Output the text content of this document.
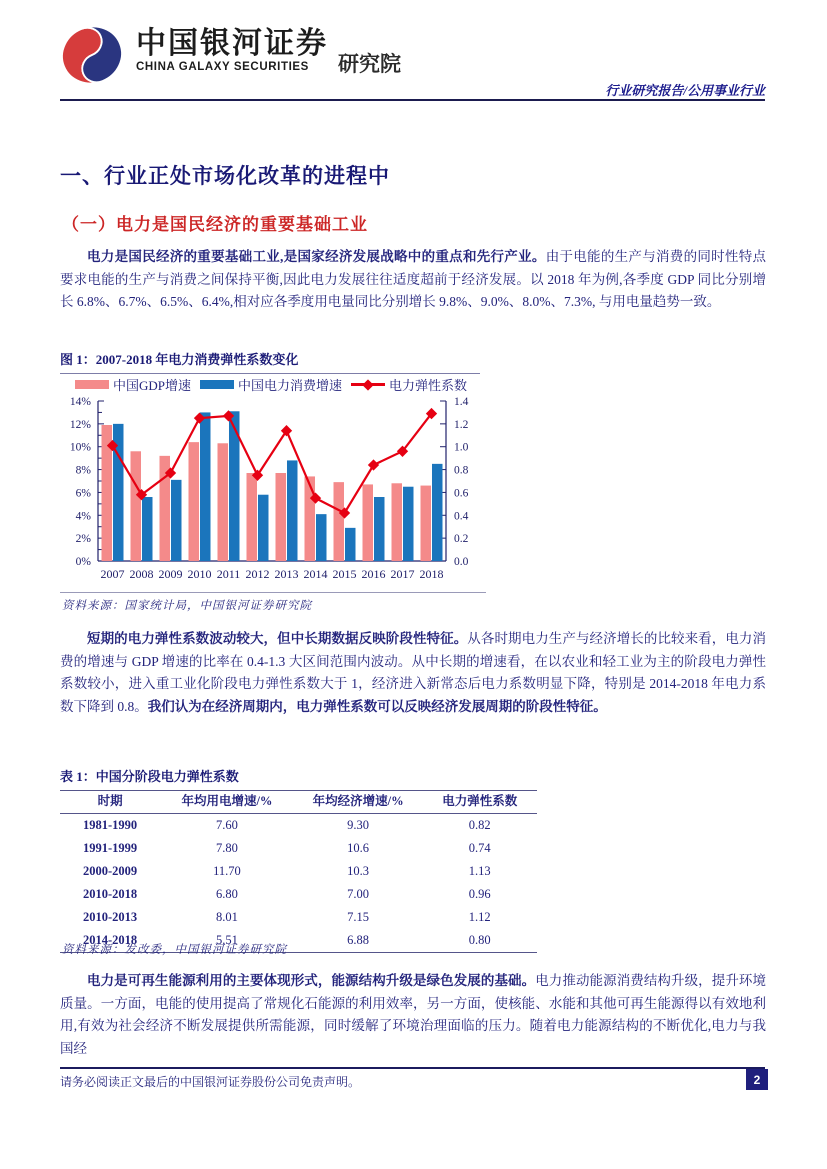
中国银河证券
CHINA GALAXY SECURITIES	研究院
行业研究报告/公用事业行业
一、行业正处市场化改革的进程中
（一）电力是国民经济的重要基础工业

电力是国民经济的重要基础工业,是国家经济发展战略中的重点和先行产业。由于电能的生产与消费的同时性特点 要求电能的生产与消费之间保持平衡,因此电力发展往往适度超前于经济发展。以 2018 年为例,各季度 GDP 同比分别增长 6.8%、6.7%、6.5%、6.4%,相对应各季度用电量同比分别增长 9.8%、9.0%、8.0%、7.3%, 与用电量趋势一致。

图 1：2007-2018 年电力消费弹性系数变化
中国GDP增速	中国电力消费增速	电力弹性系数
0%
2%
4%
6%
8%
10%
12%
14%
0.0
0.2
0.4
0.6
0.8
1.0
1.2
1.4
2007 2008 2009 2010 2011 2012 2013 2014 2015 2016 2017 2018
资料来源：国家统计局，中国银河证券研究院

短期的电力弹性系数波动较大，但中长期数据反映阶段性特征。从各时期电力生产与经济增长的比较来看，电力消费的增速与 GDP 增速的比率在 0.4-1.3 大区间范围内波动。从中长期的增速看，在以农业和轻工业为主的阶段电力弹性系数较小，进入重工业化阶段电力弹性系数大于 1，经济进入新常态后电力系数明显下降，特别是 2014-2018 年电力系数下降到 0.8。我们认为在经济周期内，电力弹性系数可以反映经济发展周期的阶段性特征。

表 1：中国分阶段电力弹性系数
时期	年均用电增速/%	年均经济增速/%	电力弹性系数
1981-1990	7.60	9.30	0.82
1991-1999	7.80	10.6	0.74
2000-2009	11.70	10.3	1.13
2010-2018	6.80	7.00	0.96
2010-2013	8.01	7.15	1.12
2014-2018	5.51	6.88	0.80
资料来源：发改委，中国银河证券研究院

电力是可再生能源利用的主要体现形式，能源结构升级是绿色发展的基础。电力推动能源消费结构升级，提升环境质量。一方面，电能的使用提高了常规化石能源的利用效率，另一方面，使核能、水能和其他可再生能源得以有效地利用,有效为社会经济不断发展提供所需能源，同时缓解了环境治理面临的压力。随着电力能源结构的不断优化,电力与我国经

请务必阅读正文最后的中国银河证券股份公司免责声明。	2
